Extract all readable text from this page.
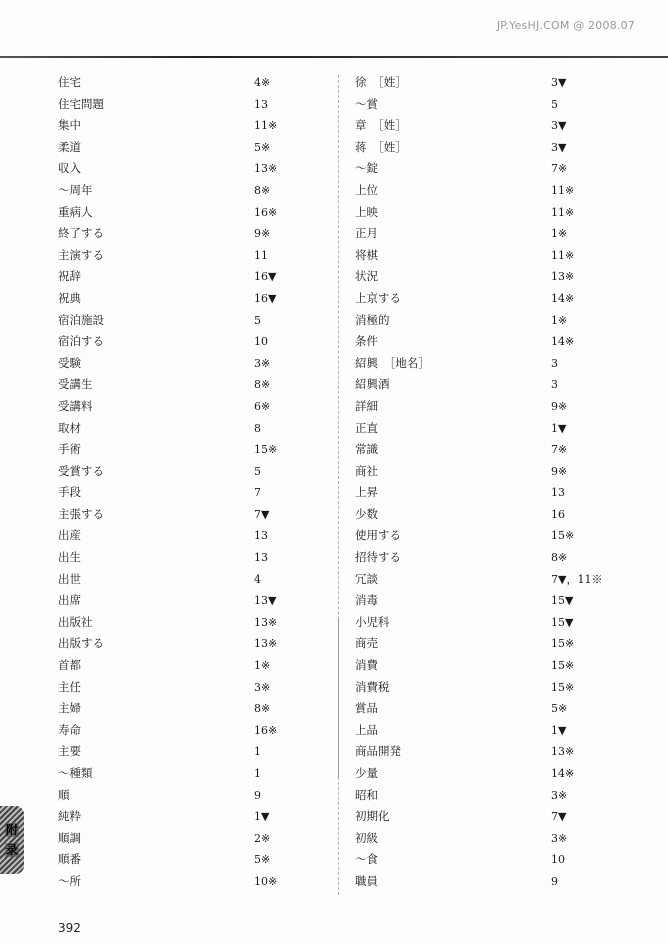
JP.YesHJ.COM @ 2008.07
住宅	4※
住宅問題	13
集中	11※
柔道	5※
収入	13※
～周年	8※
重病人	16※
終了する	9※
主演する	11
祝辞	16▼
祝典	16▼
宿泊施設	5
宿泊する	10
受験	3※
受講生	8※
受講料	6※
取材	8
手術	15※
受賞する	5
手段	7
主張する	7▼
出産	13
出生	13
出世	4
出席	13▼
出版社	13※
出版する	13※
首都	1※
主任	3※
主婦	8※
寿命	16※
主要	1
～種類	1
順	9
純粋	1▼
順調	2※
順番	5※
～所	10※
徐　［姓］	3▼
～賞	5
章　［姓］	3▼
蒋　［姓］	3▼
～錠	7※
上位	11※
上映	11※
正月	1※
将棋	11※
状況	13※
上京する	14※
消極的	1※
条件	14※
紹興　［地名］	3
紹興酒	3
詳細	9※
正直	1▼
常識	7※
商社	9※
上昇	13
少数	16
使用する	15※
招待する	8※
冗談	7▼，11※
消毒	15▼
小児科	15▼
商売	15※
消費	15※
消費税	15※
賞品	5※
上品	1▼
商品開発	13※
少量	14※
昭和	3※
初期化	7▼
初級	3※
～食	10
職員	9
附
录
392
